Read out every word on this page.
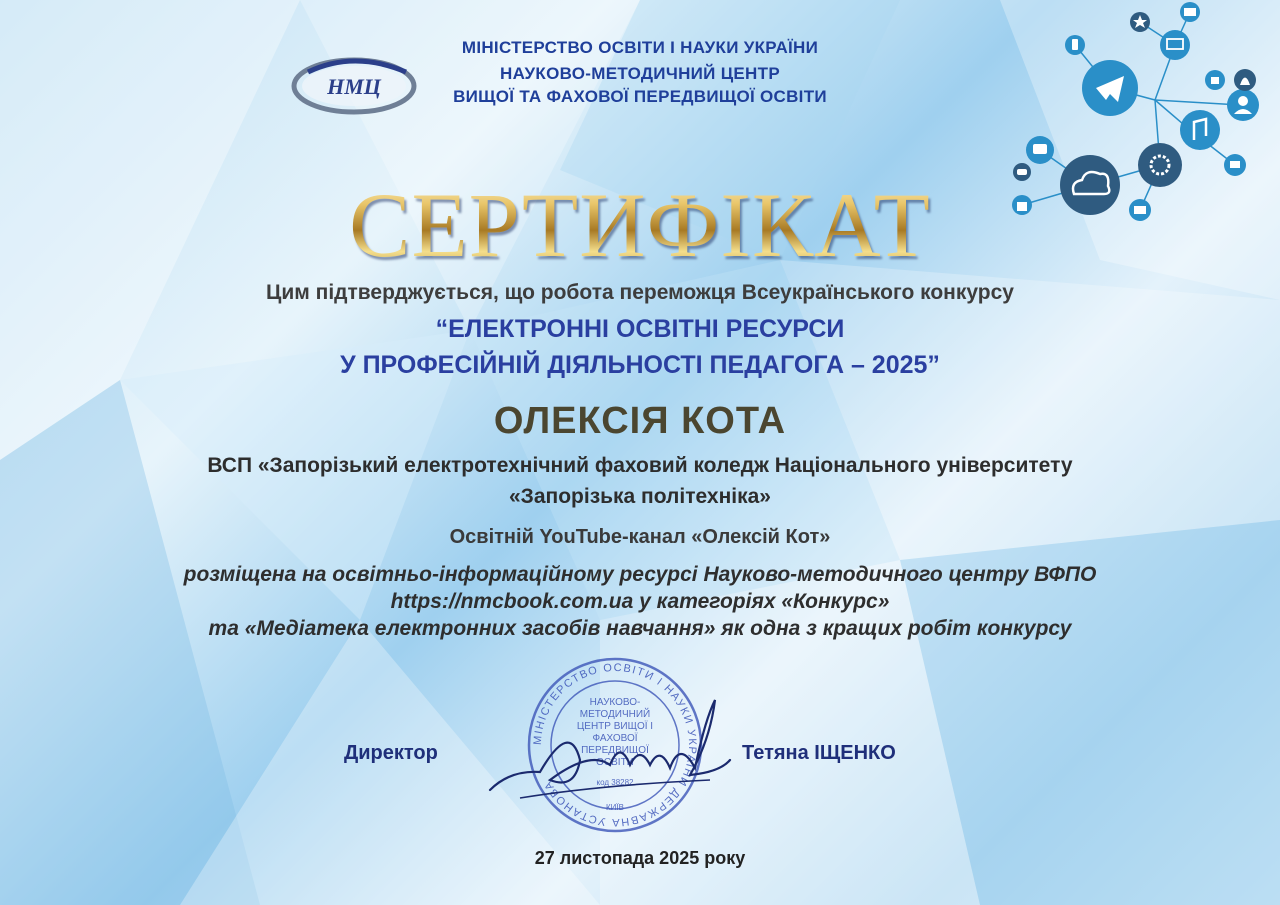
НМЦ
МІНІСТЕРСТВО ОСВІТИ І НАУКИ УКРАЇНИ
НАУКОВО-МЕТОДИЧНИЙ ЦЕНТР
ВИЩОЇ ТА ФАХОВОЇ ПЕРЕДВИЩОЇ ОСВІТИ
СЕРТИФІКАТ
Цим підтверджується, що робота переможця Всеукраїнського конкурсу
“ЕЛЕКТРОННІ ОСВІТНІ РЕСУРСИ
У ПРОФЕСІЙНІЙ ДІЯЛЬНОСТІ ПЕДАГОГА – 2025”
ОЛЕКСІЯ КОТА
ВСП «Запорізький електротехнічний фаховий коледж Національного університету
«Запорізька політехніка»
Освітній YouTube-канал «Олексій Кот»
розміщена на освітньо-інформаційному ресурсі Науково-методичного центру ВФПО
https://nmcbook.com.ua у категоріях «Конкурс»
та «Медіатека електронних засобів навчання» як одна з кращих робіт конкурсу
МІНІСТЕРСТВО ОСВІТИ І НАУКИ УКРАЇНИ ДЕРЖАВНА УСТАНОВА
НАУКОВО-
МЕТОДИЧНИЙ
ЦЕНТР ВИЩОЇ І
ФАХОВОЇ
ПЕРЕДВИЩОЇ
ОСВІТИ
код 38282
КИЇВ
Директор	Тетяна ІЩЕНКО
27 листопада 2025 року
